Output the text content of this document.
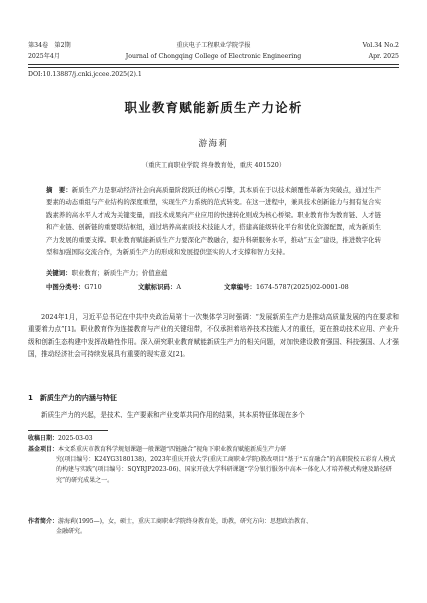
第34卷　第2期	重庆电子工程职业学院学报	Vol.34 No.2
2025年4月	Journal of Chongqing College of Electronic Engineering	Apr. 2025
DOI:10.13887/j.cnki.jccee.2025(2).1
职业教育赋能新质生产力论析
游海莉
（重庆工商职业学院 终身教育处，重庆 401520）
摘　要：新质生产力是驱动经济社会向高质量阶段跃迁的核心引擎，其本质在于以技术颠覆性革新为突破点，通过生产要素的动态重组与产业结构的深度重塑，实现生产力系统的范式转变。在这一进程中，兼具技术创新能力与拥有复合实践素养的高水平人才成为关键变量，而技术成果向产业应用的快速转化则成为核心桥梁。职业教育作为教育链、人才链和产业链、创新链的重要联结枢纽，通过培养高素质技术技能人才，搭建高能级转化平台和优化资源配置，成为新质生产力发展的重要支撑。职业教育赋能新质生产力要深化产教融合，提升科研服务水平，推动“五金”建设，推进数字化转型和加强国际交流合作，为新质生产力的形成和发展提供坚实的人才支撑和智力支持。
关键词：职业教育；新质生产力；价值意蕴
中图分类号：G710	文献标识码：A	文章编号：1674-5787(2025)02-0001-08

2024年1月，习近平总书记在中共中央政治局第十一次集体学习时强调：“发展新质生产力是推动高质量发展的内在要求和重要着力点”[1]。职业教育作为连接教育与产业的关键纽带，不仅承担着培养技术技能人才的重任，更在推动技术应用、产业升级和创新生态构建中发挥战略性作用。深入研究职业教育赋能新质生产力的相关问题，对加快建设教育强国、科技强国、人才强国，推动经济社会可持续发展具有重要的现实意义[2]。

1　新质生产力的内涵与特征

新质生产力的兴起，是技术、生产要素和产业变革共同作用的结果，其本质特征体现在多个

收稿日期：2025-03-03
基金项目：本文系重庆市教育科学规划课题一般课题“四链融合”视角下职业教育赋能新质生产力研
究(项目编号：K24YG3180138)、2023年重庆开放大学(重庆工商职业学院)教改项目“基于“五育融合”的高职院校五彩育人模式的构建与实践”(项目编号：SQYRJP2023-06)、国家开放大学科研课题“学分银行服务中高本一体化人才培养模式构建及路径研究”的研究成果之一。
作者简介：游海莉(1995—)，女，硕士，重庆工商职业学院终身教育处，助教，研究方向：思想政治教育、
金融研究。
